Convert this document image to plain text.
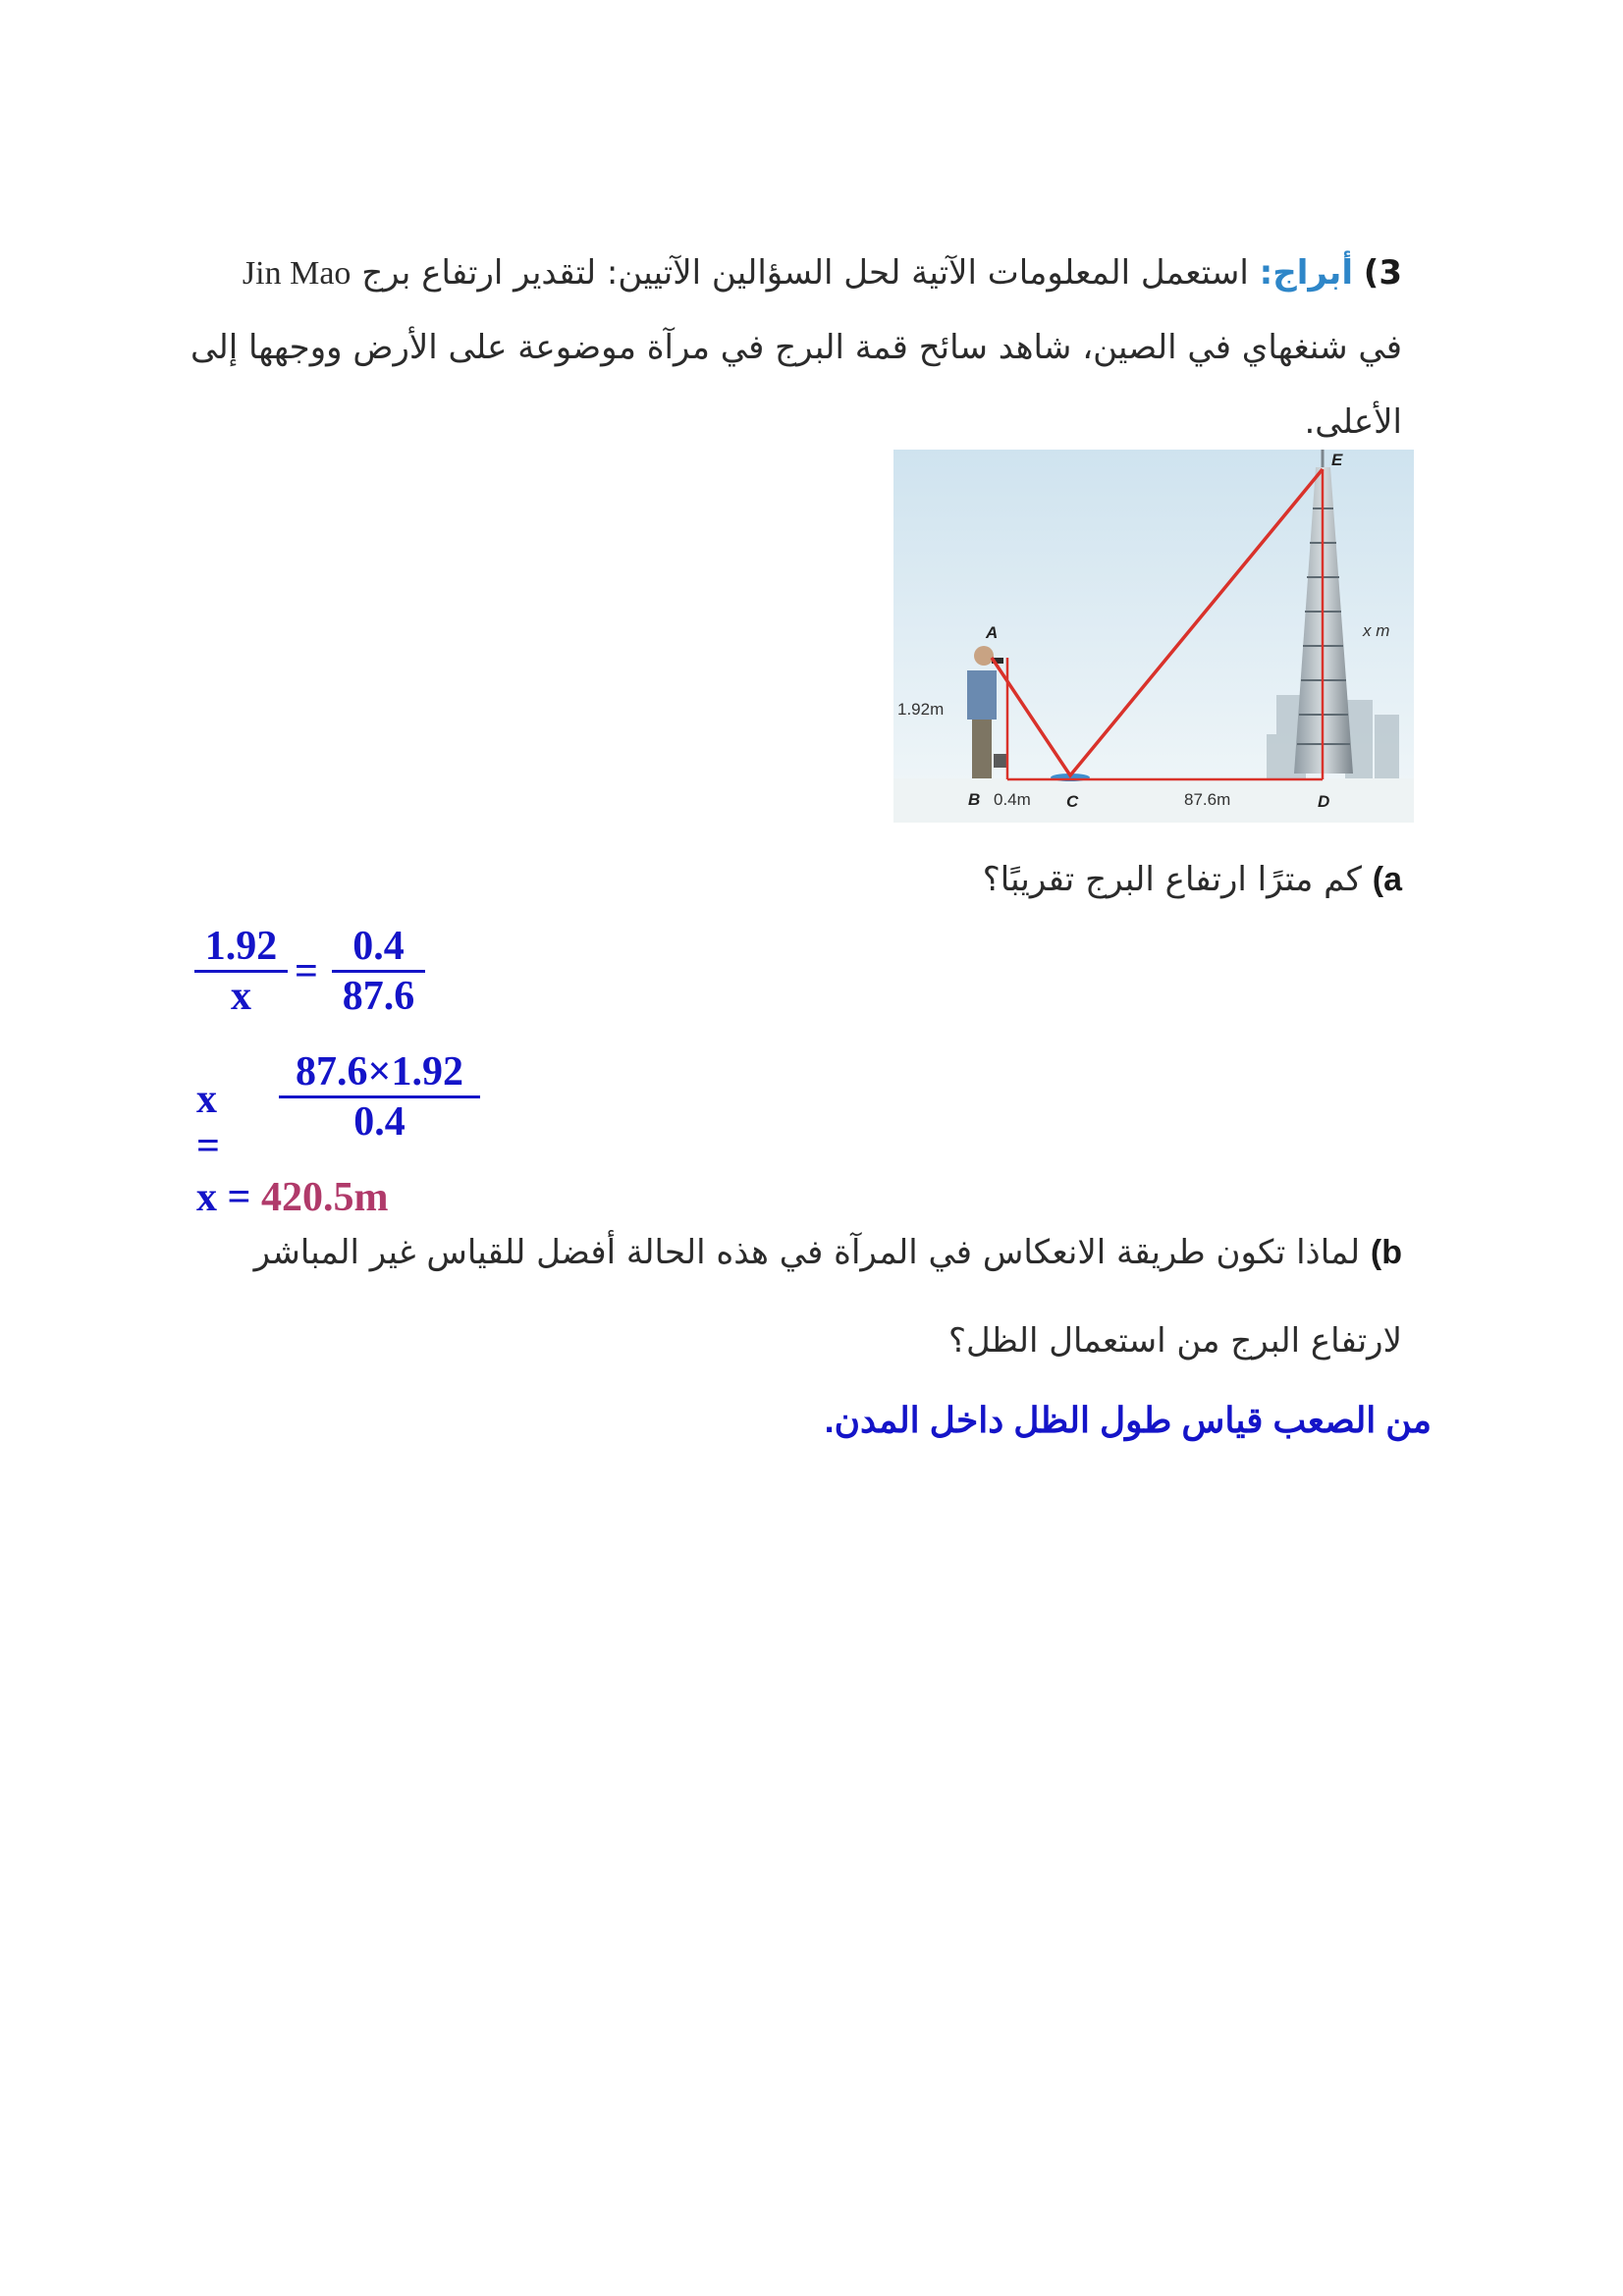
3) أبراج: استعمل المعلومات الآتية لحل السؤالين الآتيين: لتقدير ارتفاع برج Jin Mao
في شنغهاي في الصين، شاهد سائح قمة البرج في مرآة موضوعة على الأرض ووجهها إلى
الأعلى.
A
E
B	C	D
1.92m
0.4m	87.6m
x m
a) كم مترًا ارتفاع البرج تقريبًا؟
1.92
x
=
0.4
87.6
x =
87.6×1.92
0.4
x = 420.5m
b) لماذا تكون طريقة الانعكاس في المرآة في هذه الحالة أفضل للقياس غير المباشر
لارتفاع البرج من استعمال الظل؟
من الصعب قياس طول الظل داخل المدن.
